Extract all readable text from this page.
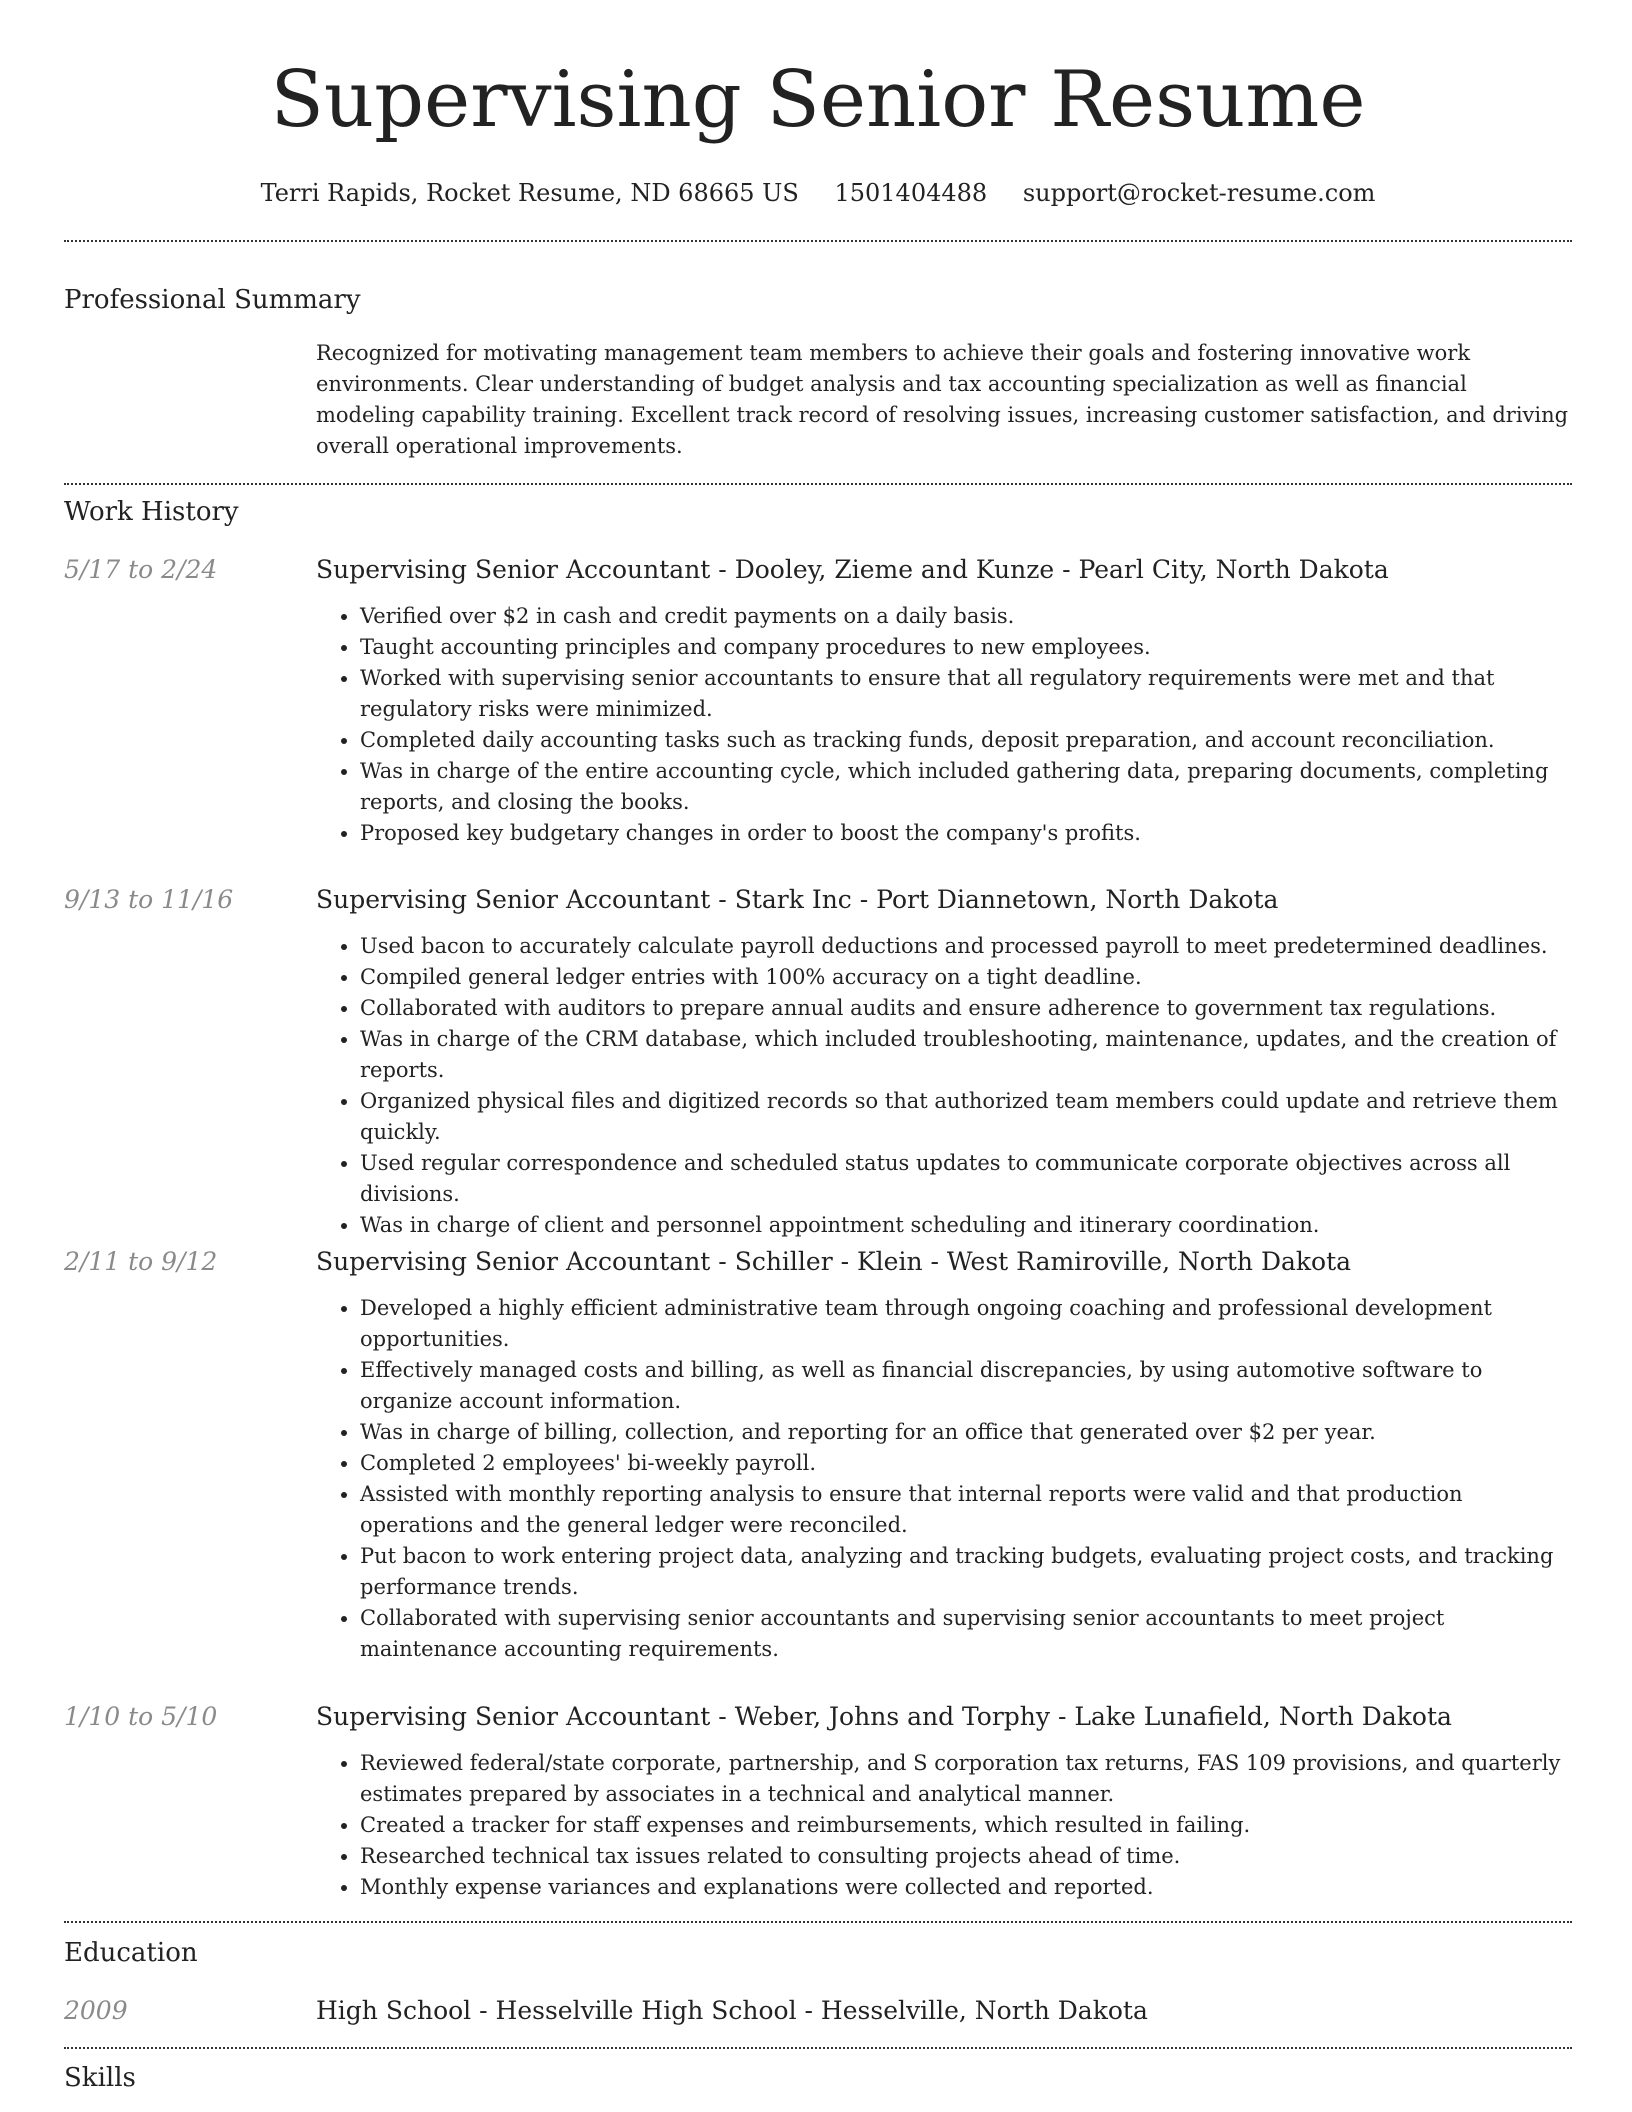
Supervising Senior Resume
Terri Rapids, Rocket Resume, ND 68665 US 1501404488 support@rocket-resume.com
Professional Summary
Recognized for motivating management team members to achieve their goals and fostering innovative work environments. Clear understanding of budget analysis and tax accounting specialization as well as financial modeling capability training. Excellent track record of resolving issues, increasing customer satisfaction, and driving overall operational improvements.
Work History
5/17 to 2/24	Supervising Senior Accountant - Dooley, Zieme and Kunze - Pearl City, North Dakota
• Verified over $2 in cash and credit payments on a daily basis.
• Taught accounting principles and company procedures to new employees.
• Worked with supervising senior accountants to ensure that all regulatory requirements were met and that regulatory risks were minimized.
• Completed daily accounting tasks such as tracking funds, deposit preparation, and account reconciliation.
• Was in charge of the entire accounting cycle, which included gathering data, preparing documents, completing reports, and closing the books.
• Proposed key budgetary changes in order to boost the company's profits.
9/13 to 11/16	Supervising Senior Accountant - Stark Inc - Port Diannetown, North Dakota
• Used bacon to accurately calculate payroll deductions and processed payroll to meet predetermined deadlines.
• Compiled general ledger entries with 100% accuracy on a tight deadline.
• Collaborated with auditors to prepare annual audits and ensure adherence to government tax regulations.
• Was in charge of the CRM database, which included troubleshooting, maintenance, updates, and the creation of reports.
• Organized physical files and digitized records so that authorized team members could update and retrieve them quickly.
• Used regular correspondence and scheduled status updates to communicate corporate objectives across all divisions.
• Was in charge of client and personnel appointment scheduling and itinerary coordination.
2/11 to 9/12	Supervising Senior Accountant - Schiller - Klein - West Ramiroville, North Dakota
• Developed a highly efficient administrative team through ongoing coaching and professional development opportunities.
• Effectively managed costs and billing, as well as financial discrepancies, by using automotive software to organize account information.
• Was in charge of billing, collection, and reporting for an office that generated over $2 per year.
• Completed 2 employees' bi-weekly payroll.
• Assisted with monthly reporting analysis to ensure that internal reports were valid and that production operations and the general ledger were reconciled.
• Put bacon to work entering project data, analyzing and tracking budgets, evaluating project costs, and tracking performance trends.
• Collaborated with supervising senior accountants and supervising senior accountants to meet project maintenance accounting requirements.
1/10 to 5/10	Supervising Senior Accountant - Weber, Johns and Torphy - Lake Lunafield, North Dakota
• Reviewed federal/state corporate, partnership, and S corporation tax returns, FAS 109 provisions, and quarterly estimates prepared by associates in a technical and analytical manner.
• Created a tracker for staff expenses and reimbursements, which resulted in failing.
• Researched technical tax issues related to consulting projects ahead of time.
• Monthly expense variances and explanations were collected and reported.
Education
2009	High School - Hesselville High School - Hesselville, North Dakota
Skills
